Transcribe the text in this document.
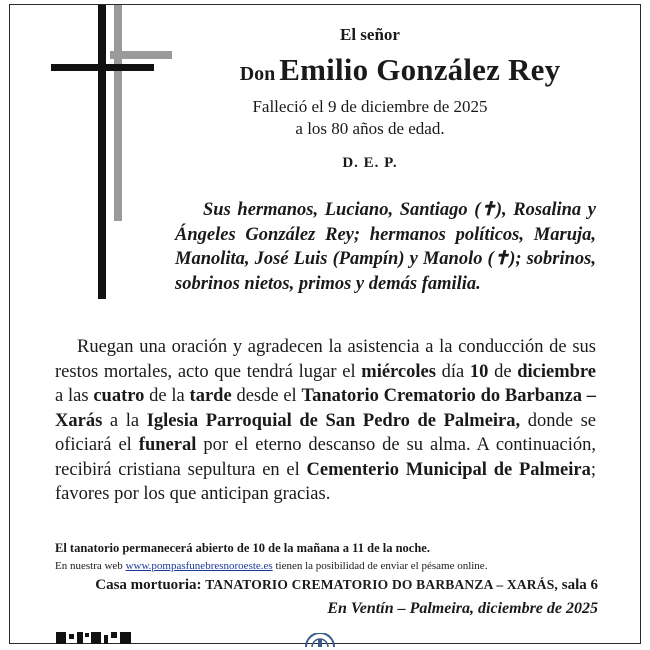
El señor
Don Emilio González Rey
Falleció el 9 de diciembre de 2025
a los 80 años de edad.
D. E. P.
Sus hermanos, Luciano, Santiago (✝), Rosalina y Ángeles González Rey; hermanos políticos, Maruja, Manolita, José Luis (Pampín) y Manolo (✝); sobrinos, sobrinos nietos, primos y demás familia.
Ruegan una oración y agradecen la asistencia a la conducción de sus restos mortales, acto que tendrá lugar el miércoles día 10 de diciembre a las cuatro de la tarde desde el Tanatorio Crematorio do Barbanza – Xarás a la Iglesia Parroquial de San Pedro de Palmeira, donde se oficiará el funeral por el eterno descanso de su alma. A continuación, recibirá cristiana sepultura en el Cementerio Municipal de Palmeira; favores por los que anticipan gracias.
El tanatorio permanecerá abierto de 10 de la mañana a 11 de la noche.
En nuestra web www.pompasfunebresnoroeste.es tienen la posibilidad de enviar el pésame online.
Casa mortuoria: TANATORIO CREMATORIO DO BARBANZA – XARÁS, sala 6
En Ventín – Palmeira, diciembre de 2025
